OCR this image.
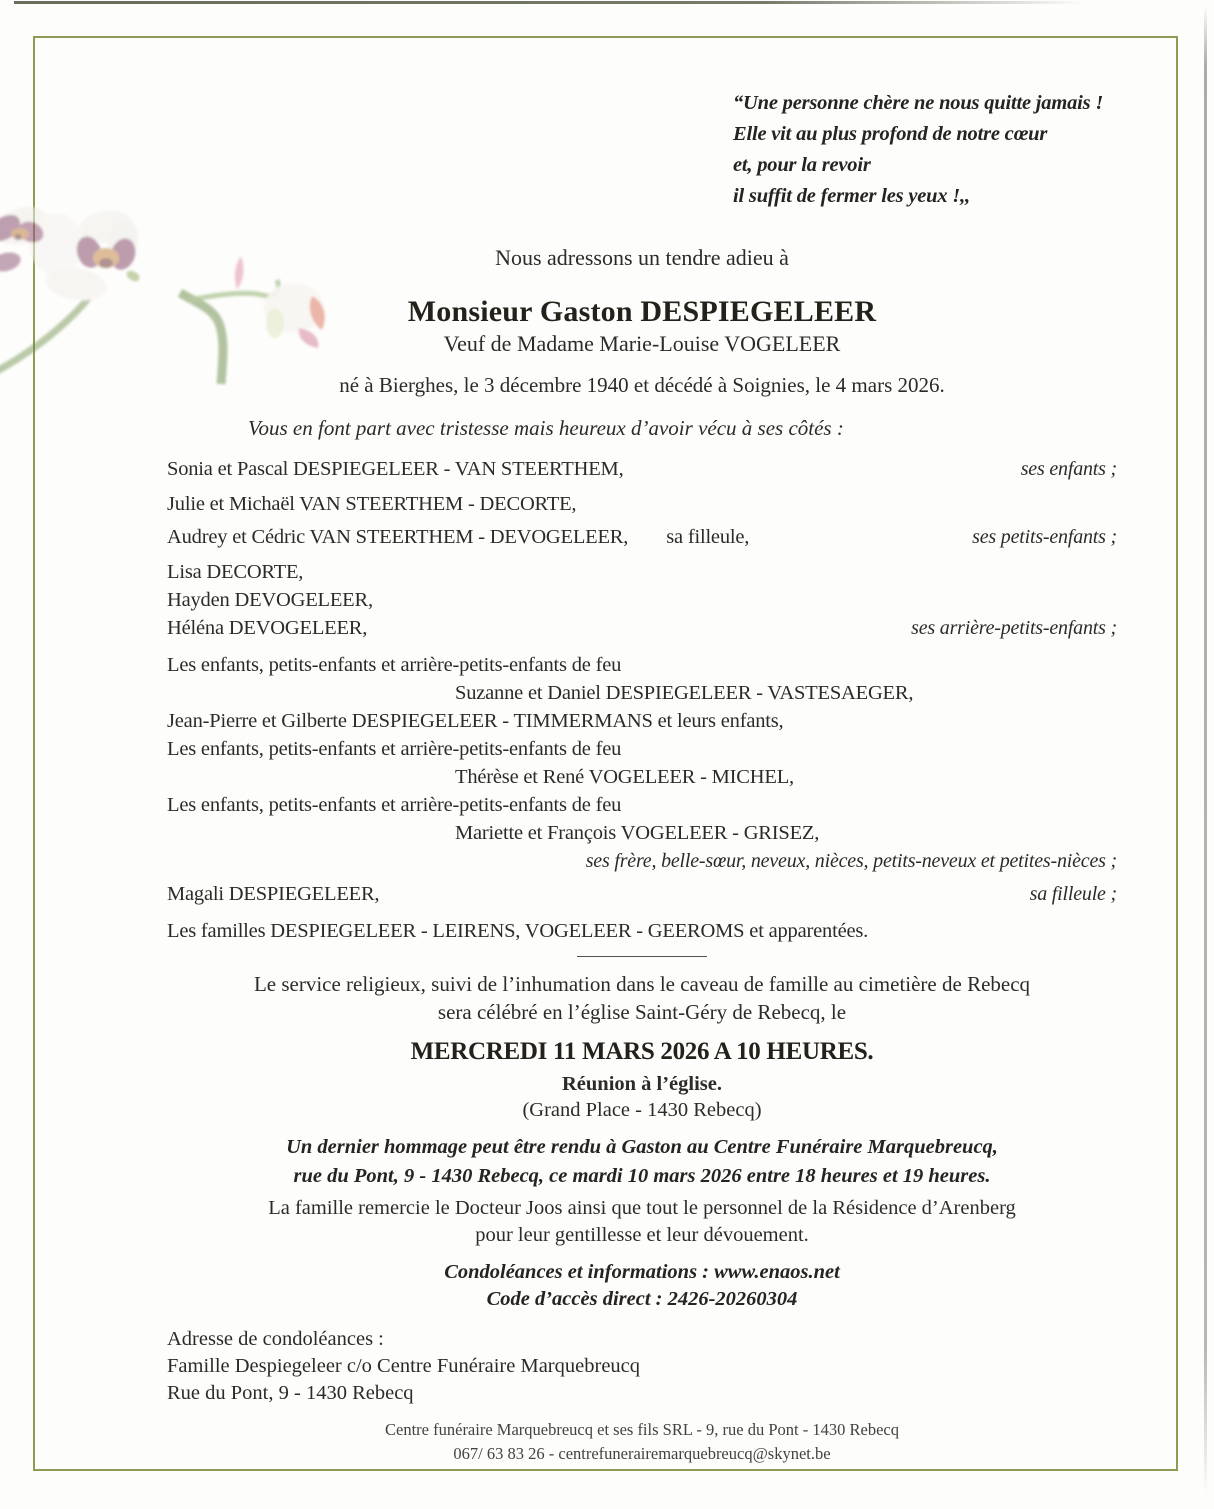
“Une personne chère ne nous quitte jamais !
Elle vit au plus profond de notre cœur
et, pour la revoir
il suffit de fermer les yeux !,,
Nous adressons un tendre adieu à
Monsieur Gaston DESPIEGELEER
Veuf de Madame Marie-Louise VOGELEER
né à Bierghes, le 3 décembre 1940 et décédé à Soignies, le 4 mars 2026.
Vous en font part avec tristesse mais heureux d’avoir vécu à ses côtés :
Sonia et Pascal DESPIEGELEER - VAN STEERTHEM,	ses enfants ;
Julie et Michaël VAN STEERTHEM - DECORTE,
Audrey et Cédric VAN STEERTHEM - DEVOGELEER, sa filleule,	ses petits-enfants ;
Lisa DECORTE,
Hayden DEVOGELEER,
Héléna DEVOGELEER,	ses arrière-petits-enfants ;
Les enfants, petits-enfants et arrière-petits-enfants de feu
Suzanne et Daniel DESPIEGELEER - VASTESAEGER,
Jean-Pierre et Gilberte DESPIEGELEER - TIMMERMANS et leurs enfants,
Les enfants, petits-enfants et arrière-petits-enfants de feu
Thérèse et René VOGELEER - MICHEL,
Les enfants, petits-enfants et arrière-petits-enfants de feu
Mariette et François VOGELEER - GRISEZ,
ses frère, belle-sœur, neveux, nièces, petits-neveux et petites-nièces ;
Magali DESPIEGELEER,	sa filleule ;
Les familles DESPIEGELEER - LEIRENS, VOGELEER - GEEROMS et apparentées.
Le service religieux, suivi de l’inhumation dans le caveau de famille au cimetière de Rebecq
sera célébré en l’église Saint-Géry de Rebecq, le
MERCREDI 11 MARS 2026 A 10 HEURES.
Réunion à l’église.
(Grand Place - 1430 Rebecq)
Un dernier hommage peut être rendu à Gaston au Centre Funéraire Marquebreucq,
rue du Pont, 9 - 1430 Rebecq, ce mardi 10 mars 2026 entre 18 heures et 19 heures.
La famille remercie le Docteur Joos ainsi que tout le personnel de la Résidence d’Arenberg
pour leur gentillesse et leur dévouement.
Condoléances et informations : www.enaos.net
Code d’accès direct : 2426-20260304
Adresse de condoléances :
Famille Despiegeleer c/o Centre Funéraire Marquebreucq
Rue du Pont, 9 - 1430 Rebecq
Centre funéraire Marquebreucq et ses fils SRL - 9, rue du Pont - 1430 Rebecq
067/ 63 83 26 - centrefunerairemarquebreucq@skynet.be
